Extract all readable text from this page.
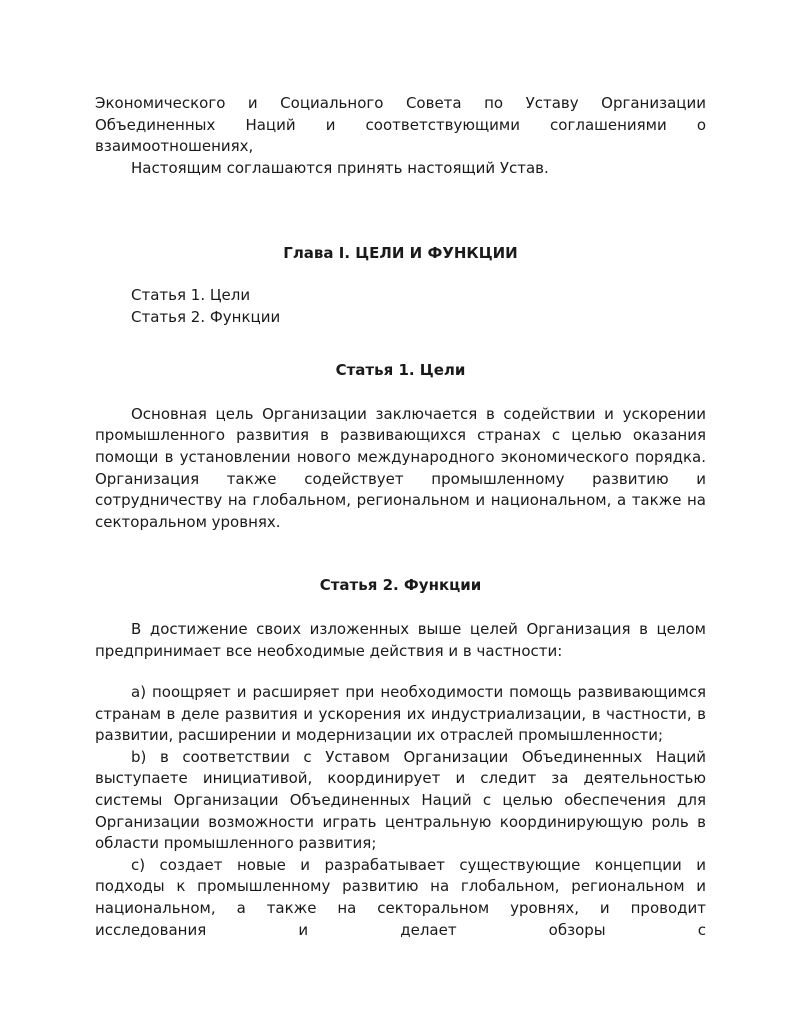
Экономического и Социального Совета по Уставу Организации Объединенных Наций и соответствующими соглашениями о взаимоотношениях,

Настоящим соглашаются принять настоящий Устав.

Глава I. ЦЕЛИ И ФУНКЦИИ

Статья 1. Цели

Статья 2. Функции

Статья 1. Цели

Основная цель Организации заключается в содействии и ускорении промышленного развития в развивающихся странах с целью оказания помощи в установлении нового международного экономического порядка. Организация также содействует промышленному развитию и сотрудничеству на глобальном, региональном и национальном, а также на секторальном уровнях.

Статья 2. Функции

В достижение своих изложенных выше целей Организация в целом предпринимает все необходимые действия и в частности:

a) поощряет и расширяет при необходимости помощь развивающимся странам в деле развития и ускорения их индустриализации, в частности, в развитии, расширении и модернизации их отраслей промышленности;

b) в соответствии с Уставом Организации Объединенных Наций выступаете инициативой, координирует и следит за деятельностью системы Организации Объединенных Наций с целью обеспечения для Организации возможности играть центральную координирующую роль в области промышленного развития;

c) создает новые и разрабатывает существующие концепции и подходы к промышленному развитию на глобальном, региональном и национальном, а также на секторальном уровнях, и проводит исследования и делает обзоры с
